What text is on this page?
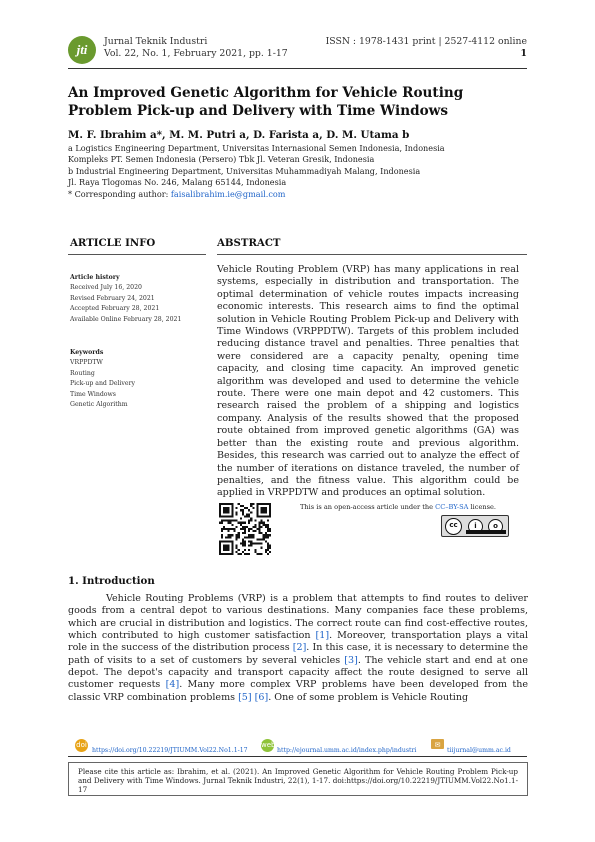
jti
Jurnal Teknik Industri
Vol. 22, No. 1, February 2021, pp. 1-17
ISSN : 1978-1431 print | 2527-4112 online
1
An Improved Genetic Algorithm for Vehicle Routing Problem Pick-up and Delivery with Time Windows
M. F. Ibrahim a*, M. M. Putri a, D. Farista a, D. M. Utama b
a Logistics Engineering Department, Universitas Internasional Semen Indonesia, Indonesia
Kompleks PT. Semen Indonesia (Persero) Tbk Jl. Veteran Gresik, Indonesia
b Industrial Engineering Department, Universitas Muhammadiyah Malang, Indonesia
Jl. Raya Tlogomas No. 246, Malang 65144, Indonesia
* Corresponding author: faisalibrahim.ie@gmail.com
ARTICLE INFO	ABSTRACT
Article history
Received July 16, 2020
Revised February 24, 2021
Accepted February 28, 2021
Available Online February 28, 2021
Keywords
VRPPDTW
Routing
Pick-up and Delivery
Time Windows
Genetic Algorithm
Vehicle Routing Problem (VRP) has many applications in real systems, especially in distribution and transportation. The optimal determination of vehicle routes impacts increasing economic interests. This research aims to find the optimal solution in Vehicle Routing Problem Pick-up and Delivery with Time Windows (VRPPDTW). Targets of this problem included reducing distance travel and penalties. Three penalties that were considered are a capacity penalty, opening time capacity, and closing time capacity. An improved genetic algorithm was developed and used to determine the vehicle route. There were one main depot and 42 customers. This research raised the problem of a shipping and logistics company. Analysis of the results showed that the proposed route obtained from improved genetic algorithms (GA) was better than the existing route and previous algorithm. Besides, this research was carried out to analyze the effect of the number of iterations on distance traveled, the number of penalties, and the fitness value. This algorithm could be applied in VRPPDTW and produces an optimal solution.
This is an open-access article under the CC–BY-SA license.
cc	i	o
1. Introduction
Vehicle Routing Problems (VRP) is a problem that attempts to find routes to deliver goods from a central depot to various destinations. Many companies face these problems, which are crucial in distribution and logistics. The correct route can find cost-effective routes, which contributed to high customer satisfaction [1]. Moreover, transportation plays a vital role in the success of the distribution process [2]. In this case, it is necessary to determine the path of visits to a set of customers by several vehicles [3]. The vehicle start and end at one depot. The depot's capacity and transport capacity affect the route designed to serve all customer requests [4]. Many more complex VRP problems have been developed from the classic VRP combination problems [5] [6]. One of some problem is Vehicle Routing
doi
https://doi.org/10.22219/JTIUMM.Vol22.No1.1-17
web
http://ejournal.umm.ac.id/index.php/industri
✉
tiijurnal@umm.ac.id
Please cite this article as: Ibrahim, et al. (2021). An Improved Genetic Algorithm for Vehicle Routing Problem Pick-up and Delivery with Time Windows. Jurnal Teknik Industri, 22(1), 1-17. doi:https://doi.org/10.22219/JTIUMM.Vol22.No1.1-17
